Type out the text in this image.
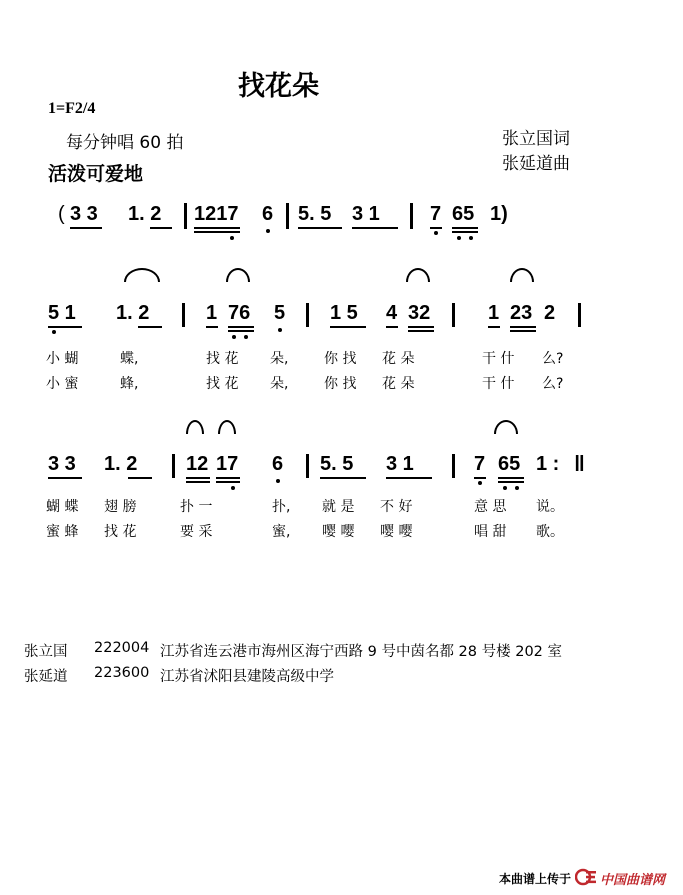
找花朵
1=F2/4
每分钟唱 60 拍	张立国词
张延道曲
活泼可爱地
( 3 3 1. 2 1217 6 5. 5 3 1	7 65 1)
5 1 1. 2	1 76 5 1 5 4 32	1 23 2
小 蝴	蝶,	找 花 朵,	你 找 花 朵	干 什 么?
小 蜜	蜂,	找 花 朵,	你 找 花 朵	干 什 么?
3 3 1. 2 12 17 6 5. 5 3 1	7 65 1 : ‖
蝴 蝶 翅 膀	扑 一	扑, 就 是 不 好	意 思 说。
蜜 蜂 找 花	要 采	蜜, 嘤 嘤 嘤 嘤	唱 甜 歌。
张立国 222004 江苏省连云港市海州区海宁西路 9 号中茵名都 28 号楼 202 室
张延道 223600 江苏省沭阳县建陵高级中学
本曲谱上传于 中国曲谱网
